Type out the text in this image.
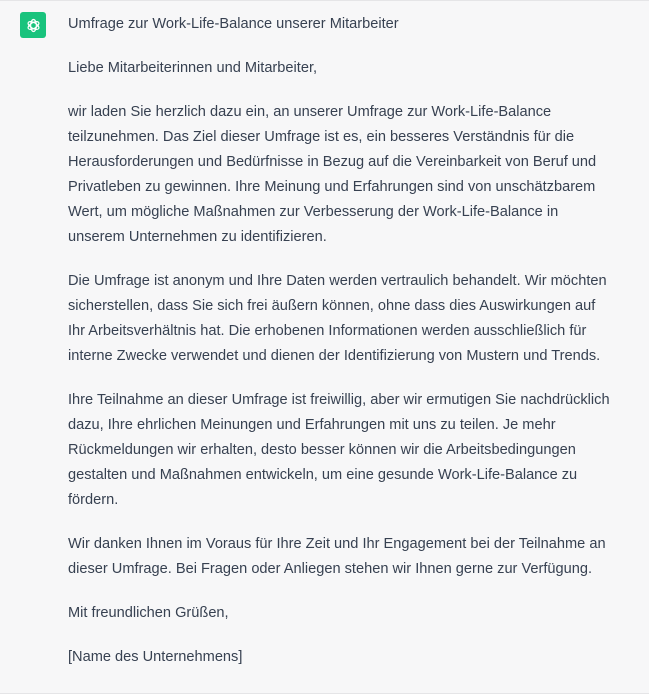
Umfrage zur Work-Life-Balance unserer Mitarbeiter

Liebe Mitarbeiterinnen und Mitarbeiter,

wir laden Sie herzlich dazu ein, an unserer Umfrage zur Work-Life-Balance teilzunehmen. Das Ziel dieser Umfrage ist es, ein besseres Verständnis für die Herausforderungen und Bedürfnisse in Bezug auf die Vereinbarkeit von Beruf und Privatleben zu gewinnen. Ihre Meinung und Erfahrungen sind von unschätzbarem Wert, um mögliche Maßnahmen zur Verbesserung der Work-Life-Balance in unserem Unternehmen zu identifizieren.

Die Umfrage ist anonym und Ihre Daten werden vertraulich behandelt. Wir möchten sicherstellen, dass Sie sich frei äußern können, ohne dass dies Auswirkungen auf Ihr Arbeitsverhältnis hat. Die erhobenen Informationen werden ausschließlich für interne Zwecke verwendet und dienen der Identifizierung von Mustern und Trends.

Ihre Teilnahme an dieser Umfrage ist freiwillig, aber wir ermutigen Sie nachdrücklich dazu, Ihre ehrlichen Meinungen und Erfahrungen mit uns zu teilen. Je mehr Rückmeldungen wir erhalten, desto besser können wir die Arbeitsbedingungen gestalten und Maßnahmen entwickeln, um eine gesunde Work-Life-Balance zu fördern.

Wir danken Ihnen im Voraus für Ihre Zeit und Ihr Engagement bei der Teilnahme an dieser Umfrage. Bei Fragen oder Anliegen stehen wir Ihnen gerne zur Verfügung.

Mit freundlichen Grüßen,

[Name des Unternehmens]
